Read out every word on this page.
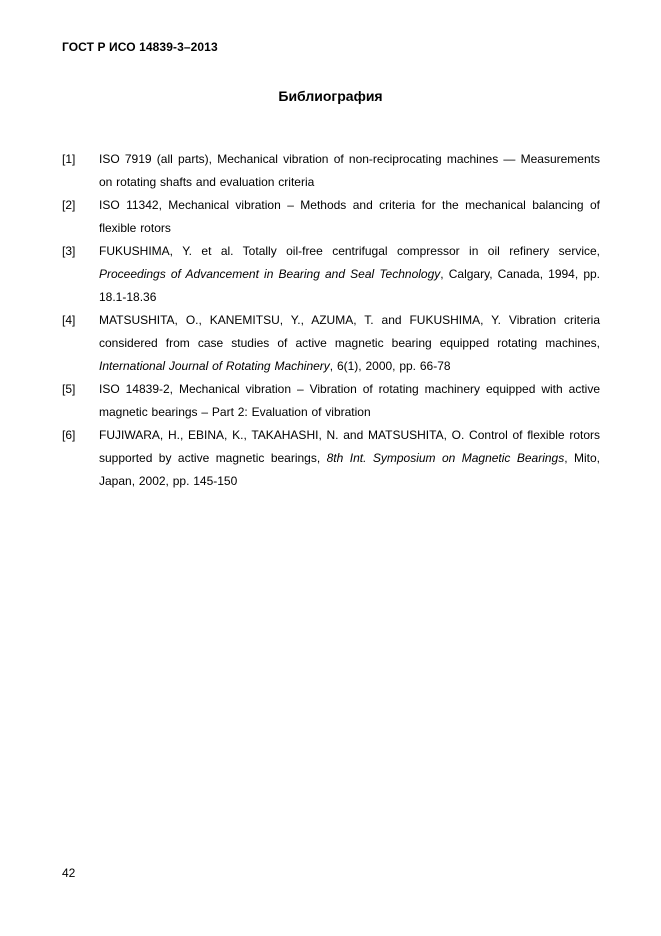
ГОСТ Р ИСО 14839-3–2013
Библиография
[1]	ISO 7919 (all parts), Mechanical vibration of non-reciprocating machines — Measurements on rotating shafts and evaluation criteria
[2]	ISO 11342, Mechanical vibration – Methods and criteria for the mechanical balancing of flexible rotors
[3]	FUKUSHIMA, Y. et al. Totally oil-free centrifugal compressor in oil refinery service, Proceedings of Advancement in Bearing and Seal Technology, Calgary, Canada, 1994, pp. 18.1-18.36
[4]	MATSUSHITA, O., KANEMITSU, Y., AZUMA, T. and FUKUSHIMA, Y. Vibration criteria considered from case studies of active magnetic bearing equipped rotating machines, International Journal of Rotating Machinery, 6(1), 2000, pp. 66-78
[5]	ISO 14839-2, Mechanical vibration – Vibration of rotating machinery equipped with active magnetic bearings – Part 2: Evaluation of vibration
[6]	FUJIWARA, H., EBINA, K., TAKAHASHI, N. and MATSUSHITA, O. Control of flexible rotors supported by active magnetic bearings, 8th Int. Symposium on Magnetic Bearings, Mito, Japan, 2002, pp. 145-150
42
